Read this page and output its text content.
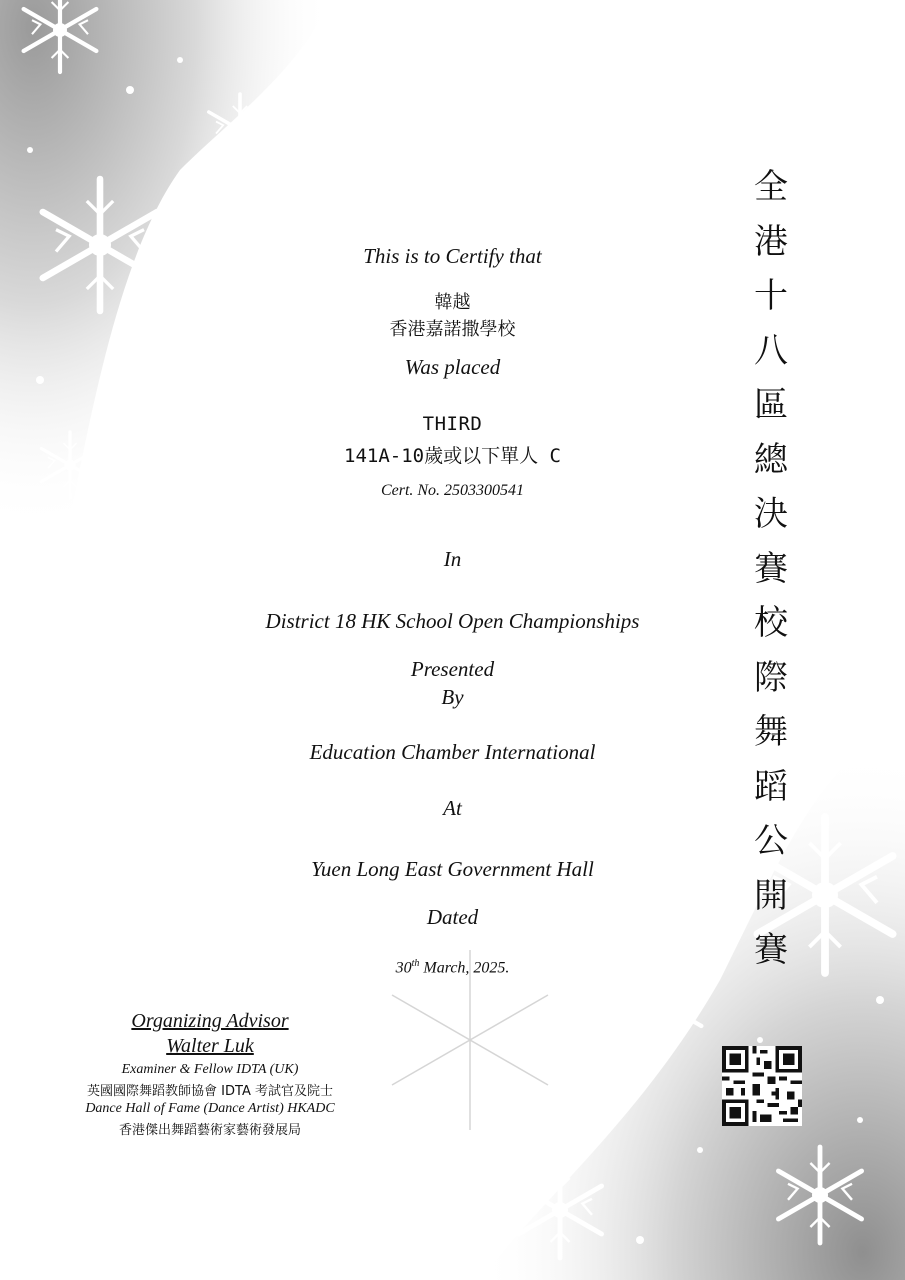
This is to Certify that
韓越
香港嘉諾撒學校
Was placed
THIRD
141A-10歲或以下單人 C
Cert. No. 2503300541
In
District 18 HK School Open Championships
Presented
By
Education Chamber International
At
Yuen Long East Government Hall
Dated
30th March, 2025.
全
港
十
八
區
總
決
賽
校
際
舞
蹈
公
開
賽
Organizing Advisor
Walter Luk
Examiner & Fellow IDTA (UK)
英國國際舞蹈教師協會 IDTA 考試官及院士
Dance Hall of Fame (Dance Artist) HKADC
香港傑出舞蹈藝術家藝術發展局
